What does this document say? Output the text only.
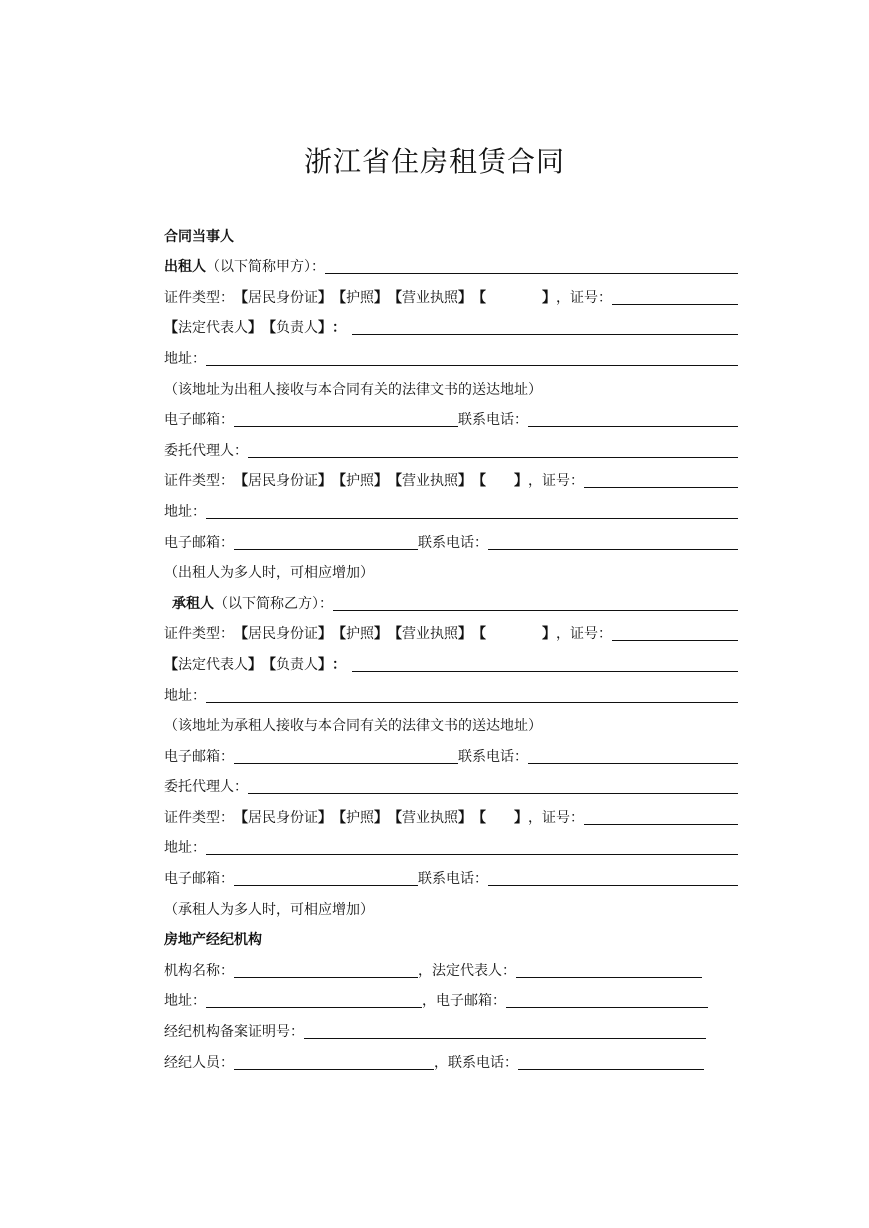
浙江省住房租赁合同
合同当事人
出租人 （以下简称甲方）：
证件类型： 【 居民身份证 】 【 护照 】 【 营业执照 】 【	】 ，证号：
【 法定代表人 】 【 负责人 】 ：
地址：
（该地址为出租人接收与本合同有关的法律文书的送达地址）
电子邮箱：	联系电话：
委托代理人：
证件类型： 【 居民身份证 】 【 护照 】 【 营业执照 】 【 】 ，证号：
地址：
电子邮箱：	联系电话：
（出租人为多人时，可相应增加）
承租人 （以下简称乙方）：
证件类型： 【 居民身份证 】 【 护照 】 【 营业执照 】 【	】 ，证号：
【 法定代表人 】 【 负责人 】 ：
地址：
（该地址为承租人接收与本合同有关的法律文书的送达地址）
电子邮箱：	联系电话：
委托代理人：
证件类型： 【 居民身份证 】 【 护照 】 【 营业执照 】 【 】 ，证号：
地址：
电子邮箱：	联系电话：
（承租人为多人时，可相应增加）
房地产经纪机构
机构名称：	，法定代表人：
地址：	，电子邮箱：
经纪机构备案证明号：
经纪人员：	，联系电话：
